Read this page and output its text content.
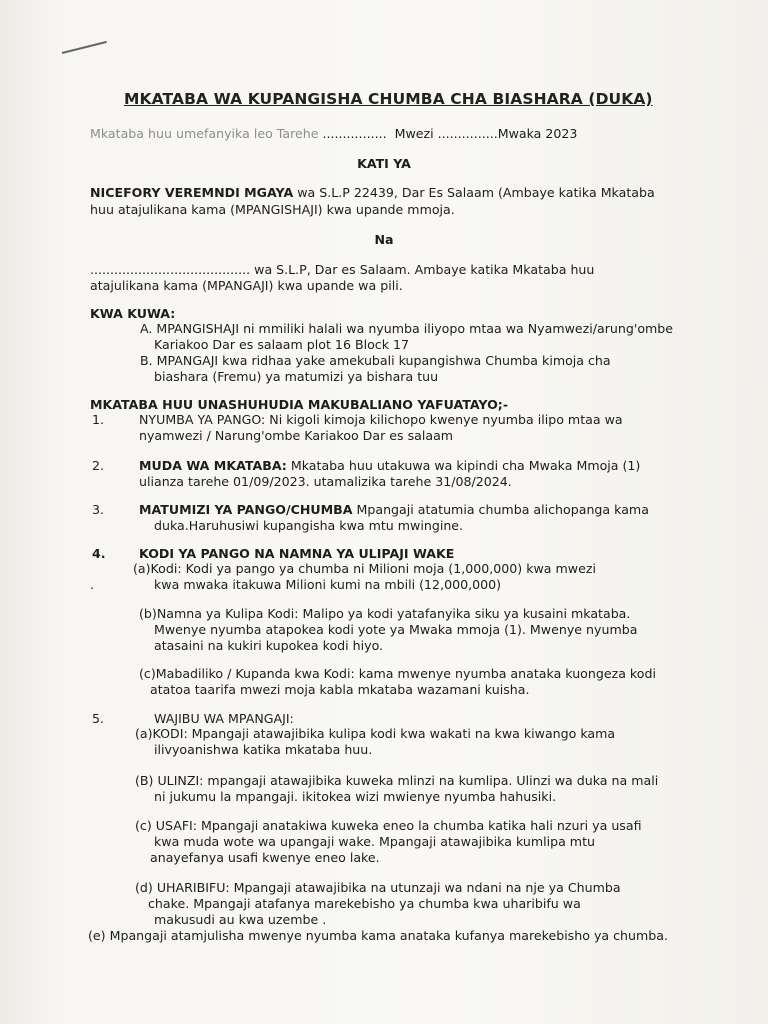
MKATABA WA KUPANGISHA CHUMBA CHA BIASHARA (DUKA)
Mkataba huu umefanyika leo Tarehe ................ Mwezi ...............Mwaka 2023
KATI YA
NICEFORY VEREMNDI MGAYA wa S.L.P 22439, Dar Es Salaam (Ambaye katika Mkataba
huu atajulikana kama (MPANGISHAJI) kwa upande mmoja.
Na
........................................ wa S.L.P, Dar es Salaam. Ambaye katika Mkataba huu
atajulikana kama (MPANGAJI) kwa upande wa pili.
KWA KUWA:
A. MPANGISHAJI ni mmiliki halali wa nyumba iliyopo mtaa wa Nyamwezi/arung'ombe
Kariakoo Dar es salaam plot 16 Block 17
B. MPANGAJI kwa ridhaa yake amekubali kupangishwa Chumba kimoja cha
biashara (Fremu) ya matumizi ya bishara tuu
MKATABA HUU UNASHUHUDIA MAKUBALIANO YAFUATAYO;-
1.	NYUMBA YA PANGO: Ni kigoli kimoja kilichopo kwenye nyumba ilipo mtaa wa
nyamwezi / Narung'ombe Kariakoo Dar es salaam
2.	MUDA WA MKATABA: Mkataba huu utakuwa wa kipindi cha Mwaka Mmoja (1)
ulianza tarehe 01/09/2023. utamalizika tarehe 31/08/2024.
3.	MATUMIZI YA PANGO/CHUMBA Mpangaji atatumia chumba alichopanga kama
duka.Haruhusiwi kupangisha kwa mtu mwingine.
4.	KODI YA PANGO NA NAMNA YA ULIPAJI WAKE
(a)Kodi: Kodi ya pango ya chumba ni Milioni moja (1,000,000) kwa mwezi
.	kwa mwaka itakuwa Milioni kumi na mbili (12,000,000)
(b)Namna ya Kulipa Kodi: Malipo ya kodi yatafanyika siku ya kusaini mkataba.
Mwenye nyumba atapokea kodi yote ya Mwaka mmoja (1). Mwenye nyumba
atasaini na kukiri kupokea kodi hiyo.
(c)Mabadiliko / Kupanda kwa Kodi: kama mwenye nyumba anataka kuongeza kodi
atatoa taarifa mwezi moja kabla mkataba wazamani kuisha.
5.	WAJIBU WA MPANGAJI:
(a)KODI: Mpangaji atawajibika kulipa kodi kwa wakati na kwa kiwango kama
ilivyoanishwa katika mkataba huu.
(B) ULINZI: mpangaji atawajibika kuweka mlinzi na kumlipa. Ulinzi wa duka na mali
ni jukumu la mpangaji. ikitokea wizi mwienye nyumba hahusiki.
(c) USAFI: Mpangaji anatakiwa kuweka eneo la chumba katika hali nzuri ya usafi
kwa muda wote wa upangaji wake. Mpangaji atawajibika kumlipa mtu
anayefanya usafi kwenye eneo lake.
(d) UHARIBIFU: Mpangaji atawajibika na utunzaji wa ndani na nje ya Chumba
chake. Mpangaji atafanya marekebisho ya chumba kwa uharibifu wa
makusudi au kwa uzembe .
(e) Mpangaji atamjulisha mwenye nyumba kama anataka kufanya marekebisho ya chumba.
